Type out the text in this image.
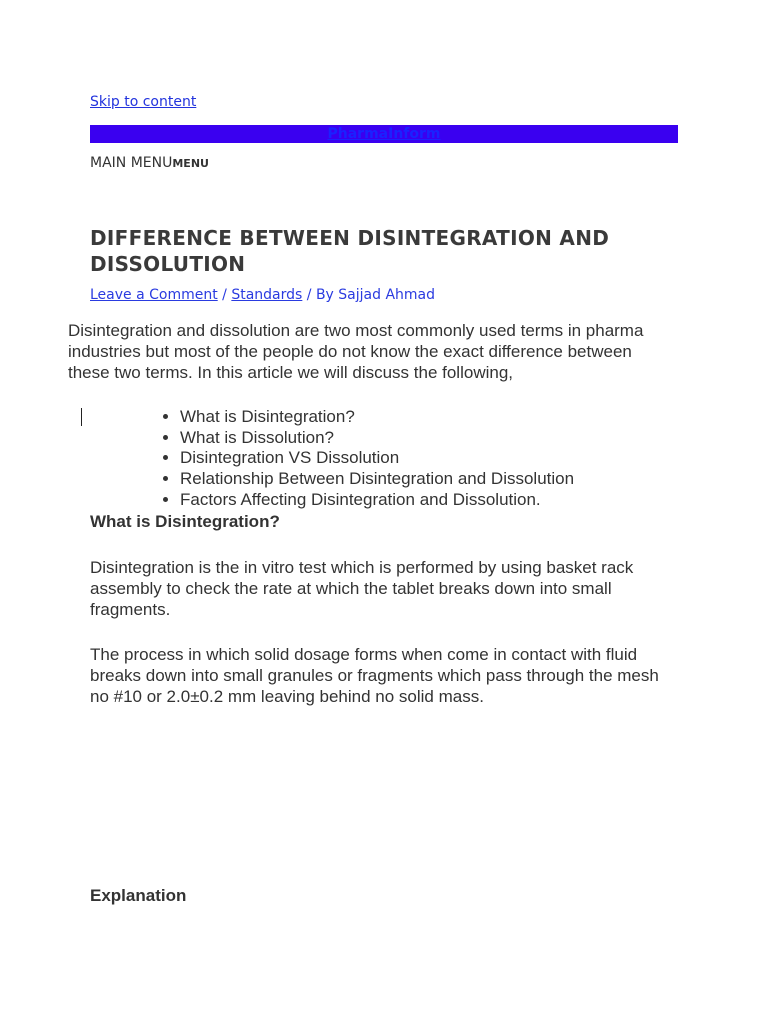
Skip to content
PharmaInform
MAIN MENUMENU
DIFFERENCE BETWEEN DISINTEGRATION AND DISSOLUTION
Leave a Comment / Standards / By Sajjad Ahmad

Disintegration and dissolution are two most commonly used terms in pharma industries but most of the people do not know the exact difference between these two terms. In this article we will discuss the following,

• What is Disintegration?
• What is Dissolution?
• Disintegration VS Dissolution
• Relationship Between Disintegration and Dissolution
• Factors Affecting Disintegration and Dissolution.
What is Disintegration?

Disintegration is the in vitro test which is performed by using basket rack assembly to check the rate at which the tablet breaks down into small fragments.

The process in which solid dosage forms when come in contact with fluid breaks down into small granules or fragments which pass through the mesh no #10 or 2.0±0.2 mm leaving behind no solid mass.

Explanation
